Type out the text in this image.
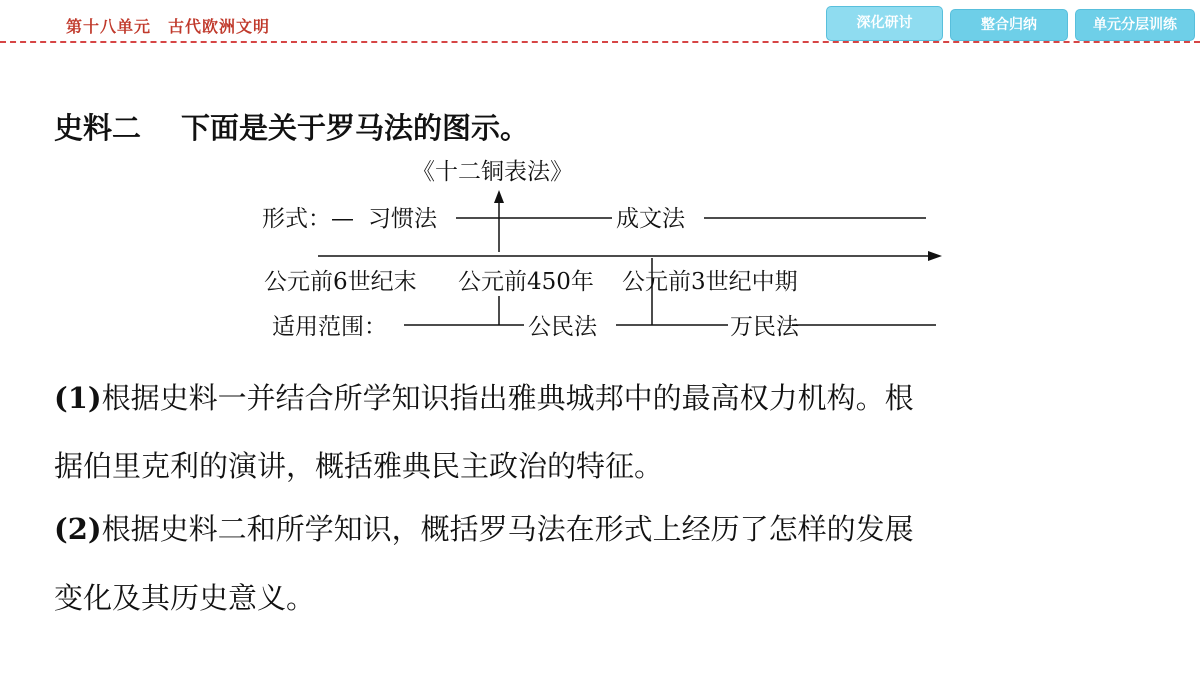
第十八单元　古代欧洲文明	深化研讨	整合归纳	单元分层训练
史料二 下面是关于罗马法的图示。
《十二铜表法》
形式：— 习惯法	成文法
公元前6世纪末 公元前450年 公元前3世纪中期
适用范围：	公民法	万民法
(1)根据史料一并结合所学知识指出雅典城邦中的最高权力机构。根
据伯里克利的演讲，概括雅典民主政治的特征。
(2)根据史料二和所学知识，概括罗马法在形式上经历了怎样的发展
变化及其历史意义。
